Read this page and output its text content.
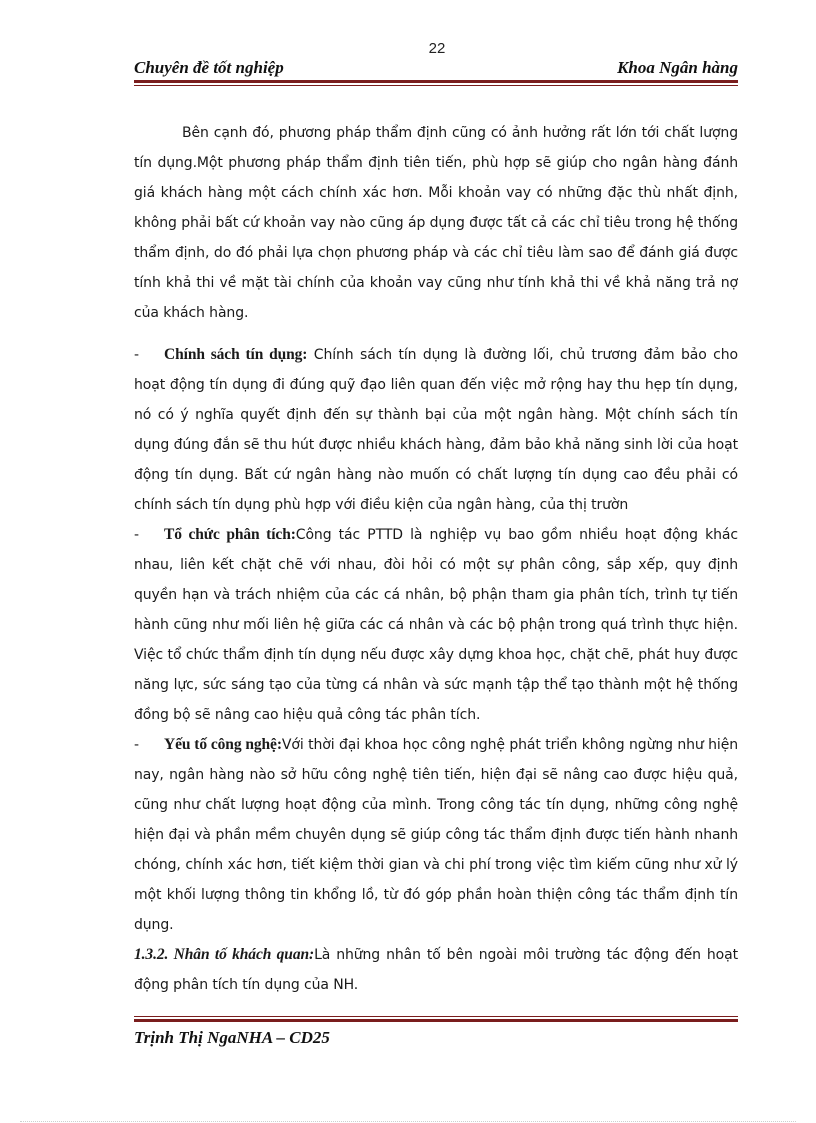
22
Chuyên đề tốt nghiệp	Khoa Ngân hàng

Bên cạnh đó, phương pháp thẩm định cũng có ảnh hưởng rất lớn tới chất lượng tín dụng.Một phương pháp thẩm định tiên tiến, phù hợp sẽ giúp cho ngân hàng đánh giá khách hàng một cách chính xác hơn. Mỗi khoản vay có những đặc thù nhất định, không phải bất cứ khoản vay nào cũng áp dụng được tất cả các chỉ tiêu trong hệ thống thẩm định, do đó phải lựa chọn phương pháp và các chỉ tiêu làm sao để đánh giá được tính khả thi về mặt tài chính của khoản vay cũng như tính khả thi về khả năng trả nợ của khách hàng.

- Chính sách tín dụng: Chính sách tín dụng là đường lối, chủ trương đảm bảo cho hoạt động tín dụng đi đúng quỹ đạo liên quan đến việc mở rộng hay thu hẹp tín dụng, nó có ý nghĩa quyết định đến sự thành bại của một ngân hàng. Một chính sách tín dụng đúng đắn sẽ thu hút được nhiều khách hàng, đảm bảo khả năng sinh lời của hoạt động tín dụng. Bất cứ ngân hàng nào muốn có chất lượng tín dụng cao đều phải có chính sách tín dụng phù hợp với điều kiện của ngân hàng, của thị trườn

- Tổ chức phân tích:Công tác PTTD là nghiệp vụ bao gồm nhiều hoạt động khác nhau, liên kết chặt chẽ với nhau, đòi hỏi có một sự phân công, sắp xếp, quy định quyền hạn và trách nhiệm của các cá nhân, bộ phận tham gia phân tích, trình tự tiến hành cũng như mối liên hệ giữa các cá nhân và các bộ phận trong quá trình thực hiện. Việc tổ chức thẩm định tín dụng nếu được xây dựng khoa học, chặt chẽ, phát huy được năng lực, sức sáng tạo của từng cá nhân và sức mạnh tập thể tạo thành một hệ thống đồng bộ sẽ nâng cao hiệu quả công tác phân tích.

- Yếu tố công nghệ:Với thời đại khoa học công nghệ phát triển không ngừng như hiện nay, ngân hàng nào sở hữu công nghệ tiên tiến, hiện đại sẽ nâng cao được hiệu quả, cũng như chất lượng hoạt động của mình. Trong công tác tín dụng, những công nghệ hiện đại và phần mềm chuyên dụng sẽ giúp công tác thẩm định được tiến hành nhanh chóng, chính xác hơn, tiết kiệm thời gian và chi phí trong việc tìm kiếm cũng như xử lý một khối lượng thông tin khổng lồ, từ đó góp phần hoàn thiện công tác thẩm định tín dụng.

1.3.2. Nhân tố khách quan:Là những nhân tố bên ngoài môi trường tác động đến hoạt động phân tích tín dụng của NH.

Trịnh Thị NgaNHA – CD25
